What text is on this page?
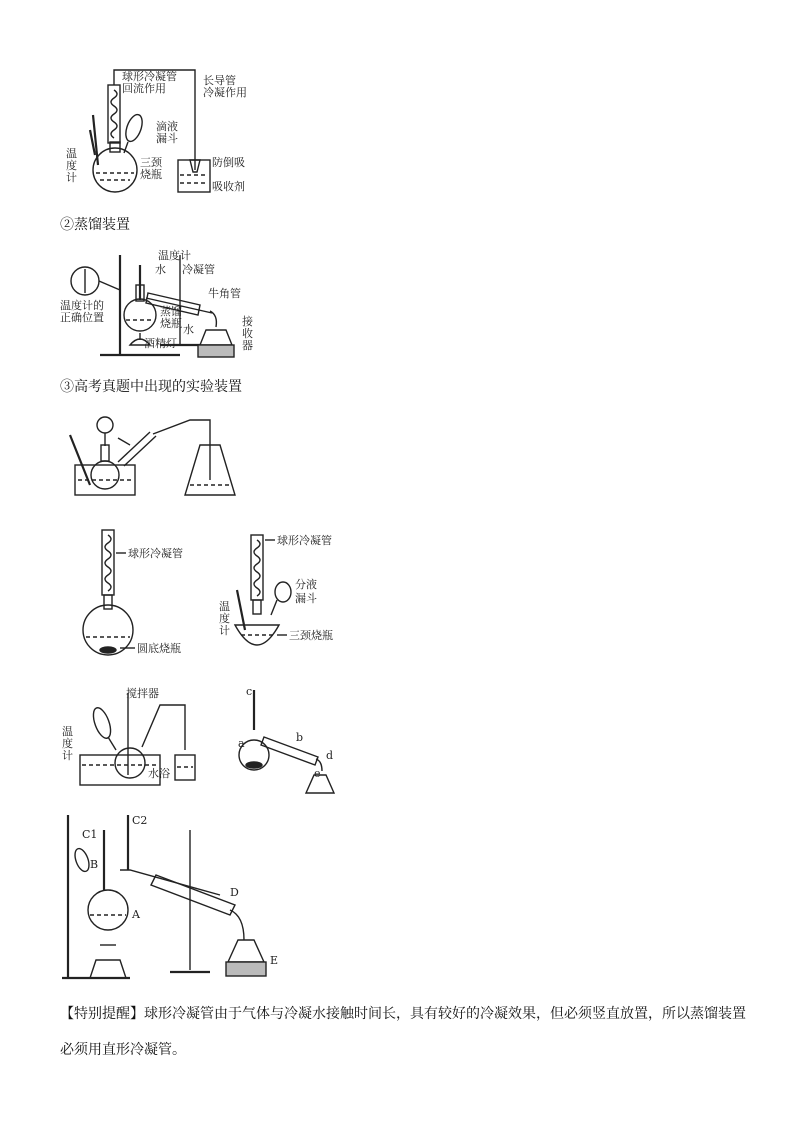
球形冷凝管
回流作用
长导管
冷凝作用
滴液
漏斗
温
度
计
三颈
烧瓶
防倒吸
吸收剂
②蒸馏装置
温度计
水 冷凝管
牛角管
水
温度计的
正确位置	蒸馏
烧瓶
酒精灯
接
收
器
③高考真题中出现的实验装置
球形冷凝管
圆底烧瓶
球形冷凝管
分液
漏斗
温
度
计	三颈烧瓶
搅拌器
温
度
计
水浴
c
a	b
d
e
C1
C2
B
A
D
E
【特别提醒】球形冷凝管由于气体与冷凝水接触时间长，具有较好的冷凝效果，但必须竖直放置，所以蒸馏装置必须用直形冷凝管。
